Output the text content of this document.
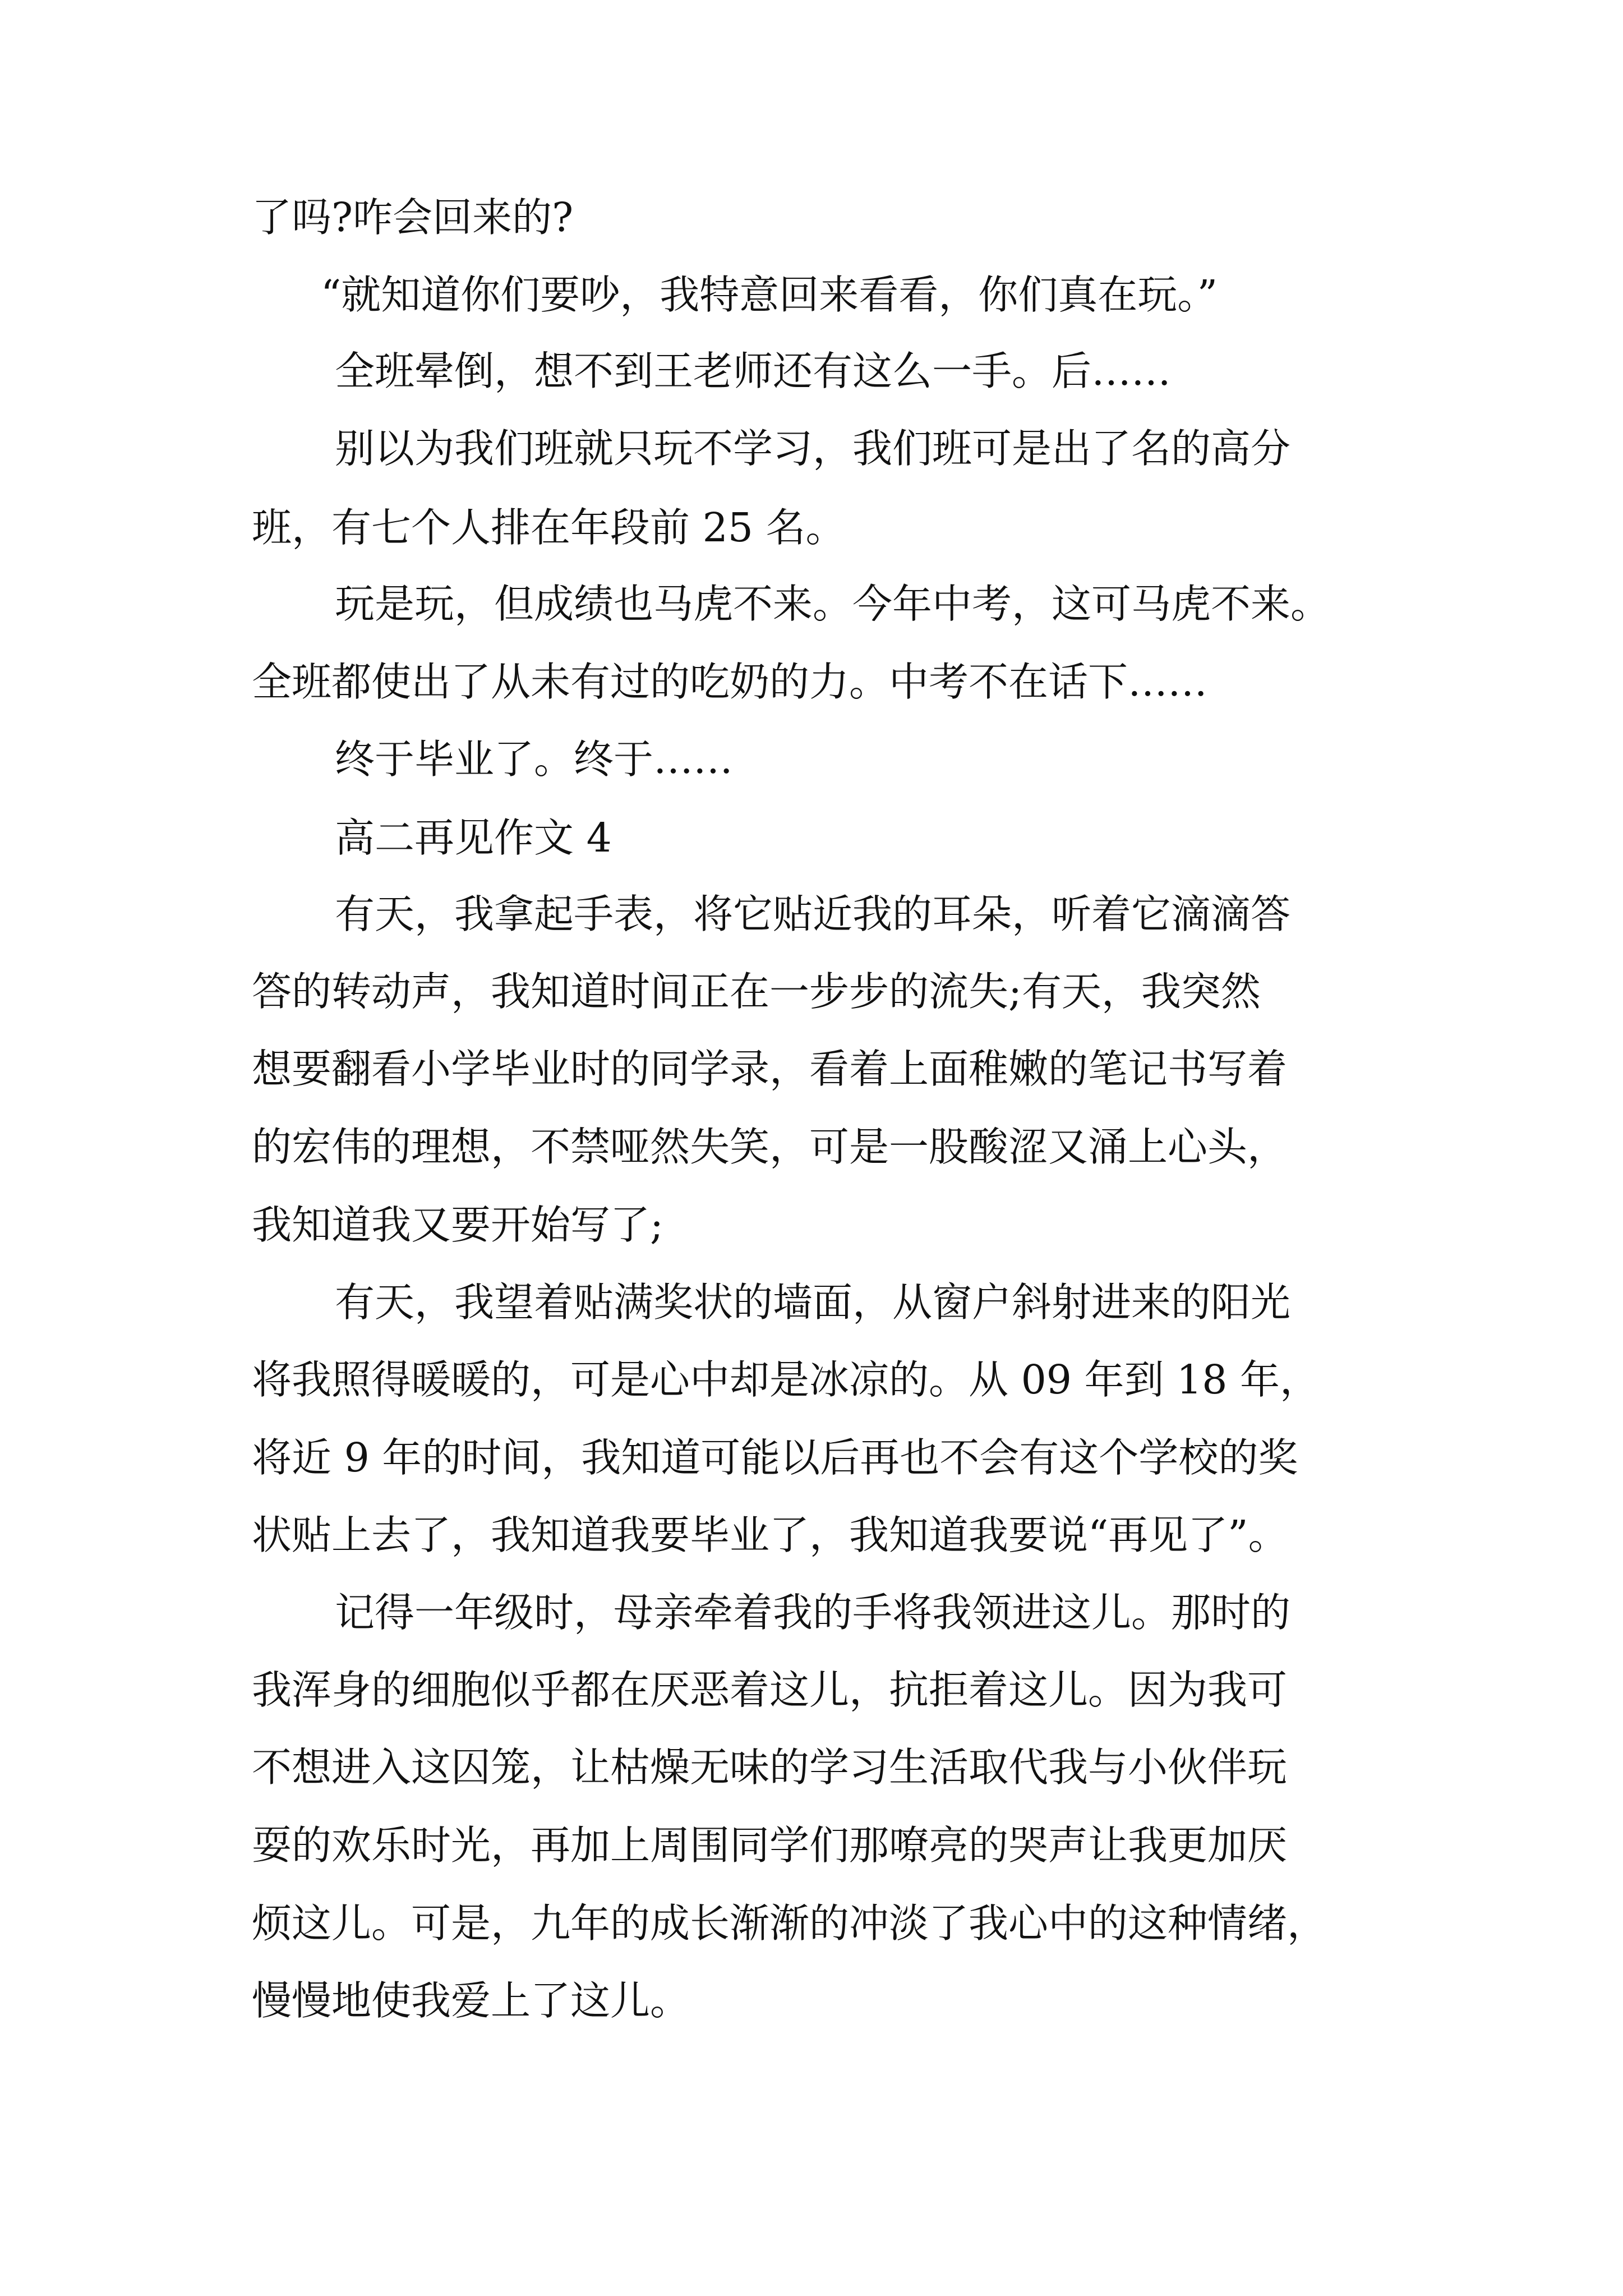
了吗?咋会回来的?
“就知道你们要吵，我特意回来看看，你们真在玩。”
全班晕倒，想不到王老师还有这么一手。后……
别以为我们班就只玩不学习，我们班可是出了名的高分
班，有七个人排在年段前 25 名。
玩是玩，但成绩也马虎不来。今年中考，这可马虎不来。
全班都使出了从未有过的吃奶的力。中考不在话下……
终于毕业了。终于……
高二再见作文 4
有天，我拿起手表，将它贴近我的耳朵，听着它滴滴答
答的转动声，我知道时间正在一步步的流失;有天，我突然
想要翻看小学毕业时的同学录，看着上面稚嫩的笔记书写着
的宏伟的理想，不禁哑然失笑，可是一股酸涩又涌上心头，
我知道我又要开始写了;
有天，我望着贴满奖状的墙面，从窗户斜射进来的阳光
将我照得暖暖的，可是心中却是冰凉的。从 09 年到 18 年，
将近 9 年的时间，我知道可能以后再也不会有这个学校的奖
状贴上去了，我知道我要毕业了，我知道我要说“再见了”。
记得一年级时，母亲牵着我的手将我领进这儿。那时的
我浑身的细胞似乎都在厌恶着这儿，抗拒着这儿。因为我可
不想进入这囚笼，让枯燥无味的学习生活取代我与小伙伴玩
耍的欢乐时光，再加上周围同学们那嘹亮的哭声让我更加厌
烦这儿。可是，九年的成长渐渐的冲淡了我心中的这种情绪，
慢慢地使我爱上了这儿。
